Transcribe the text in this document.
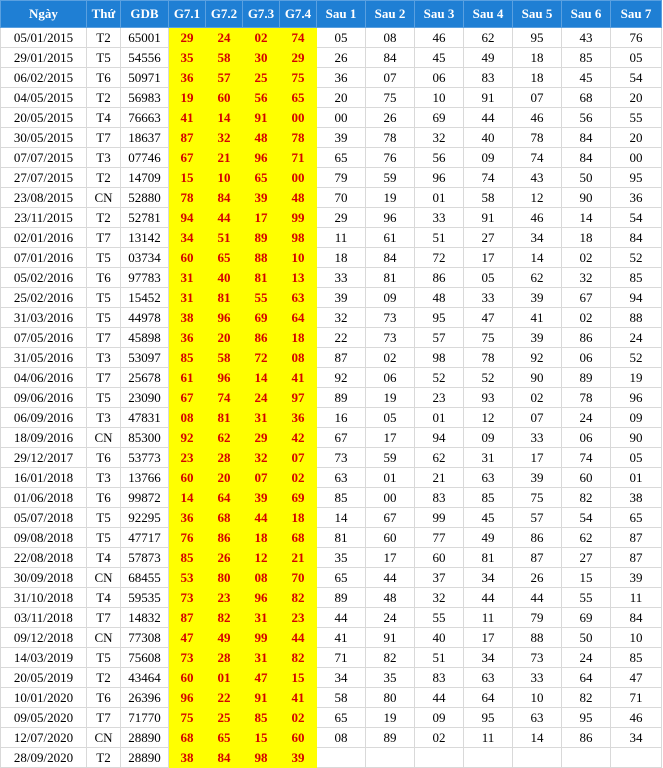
Ngày	Thứ	GDB	G7.1	G7.2	G7.3	G7.4	Sau 1	Sau 2	Sau 3	Sau 4	Sau 5	Sau 6	Sau 7
05/01/2015	T2	65001	29	24	02	74	05	08	46	62	95	43	76
29/01/2015	T5	54556	35	58	30	29	26	84	45	49	18	85	05
06/02/2015	T6	50971	36	57	25	75	36	07	06	83	18	45	54
04/05/2015	T2	56983	19	60	56	65	20	75	10	91	07	68	20
20/05/2015	T4	76663	41	14	91	00	00	26	69	44	46	56	55
30/05/2015	T7	18637	87	32	48	78	39	78	32	40	78	84	20
07/07/2015	T3	07746	67	21	96	71	65	76	56	09	74	84	00
27/07/2015	T2	14709	15	10	65	00	79	59	96	74	43	50	95
23/08/2015	CN	52880	78	84	39	48	70	19	01	58	12	90	36
23/11/2015	T2	52781	94	44	17	99	29	96	33	91	46	14	54
02/01/2016	T7	13142	34	51	89	98	11	61	51	27	34	18	84
07/01/2016	T5	03734	60	65	88	10	18	84	72	17	14	02	52
05/02/2016	T6	97783	31	40	81	13	33	81	86	05	62	32	85
25/02/2016	T5	15452	31	81	55	63	39	09	48	33	39	67	94
31/03/2016	T5	44978	38	96	69	64	32	73	95	47	41	02	88
07/05/2016	T7	45898	36	20	86	18	22	73	57	75	39	86	24
31/05/2016	T3	53097	85	58	72	08	87	02	98	78	92	06	52
04/06/2016	T7	25678	61	96	14	41	92	06	52	52	90	89	19
09/06/2016	T5	23090	67	74	24	97	89	19	23	93	02	78	96
06/09/2016	T3	47831	08	81	31	36	16	05	01	12	07	24	09
18/09/2016	CN	85300	92	62	29	42	67	17	94	09	33	06	90
29/12/2017	T6	53773	23	28	32	07	73	59	62	31	17	74	05
16/01/2018	T3	13766	60	20	07	02	63	01	21	63	39	60	01
01/06/2018	T6	99872	14	64	39	69	85	00	83	85	75	82	38
05/07/2018	T5	92295	36	68	44	18	14	67	99	45	57	54	65
09/08/2018	T5	47717	76	86	18	68	81	60	77	49	86	62	87
22/08/2018	T4	57873	85	26	12	21	35	17	60	81	87	27	87
30/09/2018	CN	68455	53	80	08	70	65	44	37	34	26	15	39
31/10/2018	T4	59535	73	23	96	82	89	48	32	44	44	55	11
03/11/2018	T7	14832	87	82	31	23	44	24	55	11	79	69	84
09/12/2018	CN	77308	47	49	99	44	41	91	40	17	88	50	10
14/03/2019	T5	75608	73	28	31	82	71	82	51	34	73	24	85
20/05/2019	T2	43464	60	01	47	15	34	35	83	63	33	64	47
10/01/2020	T6	26396	96	22	91	41	58	80	44	64	10	82	71
09/05/2020	T7	71770	75	25	85	02	65	19	09	95	63	95	46
12/07/2020	CN	28890	68	65	15	60	08	89	02	11	14	86	34
28/09/2020	T2	28890	38	84	98	39							
